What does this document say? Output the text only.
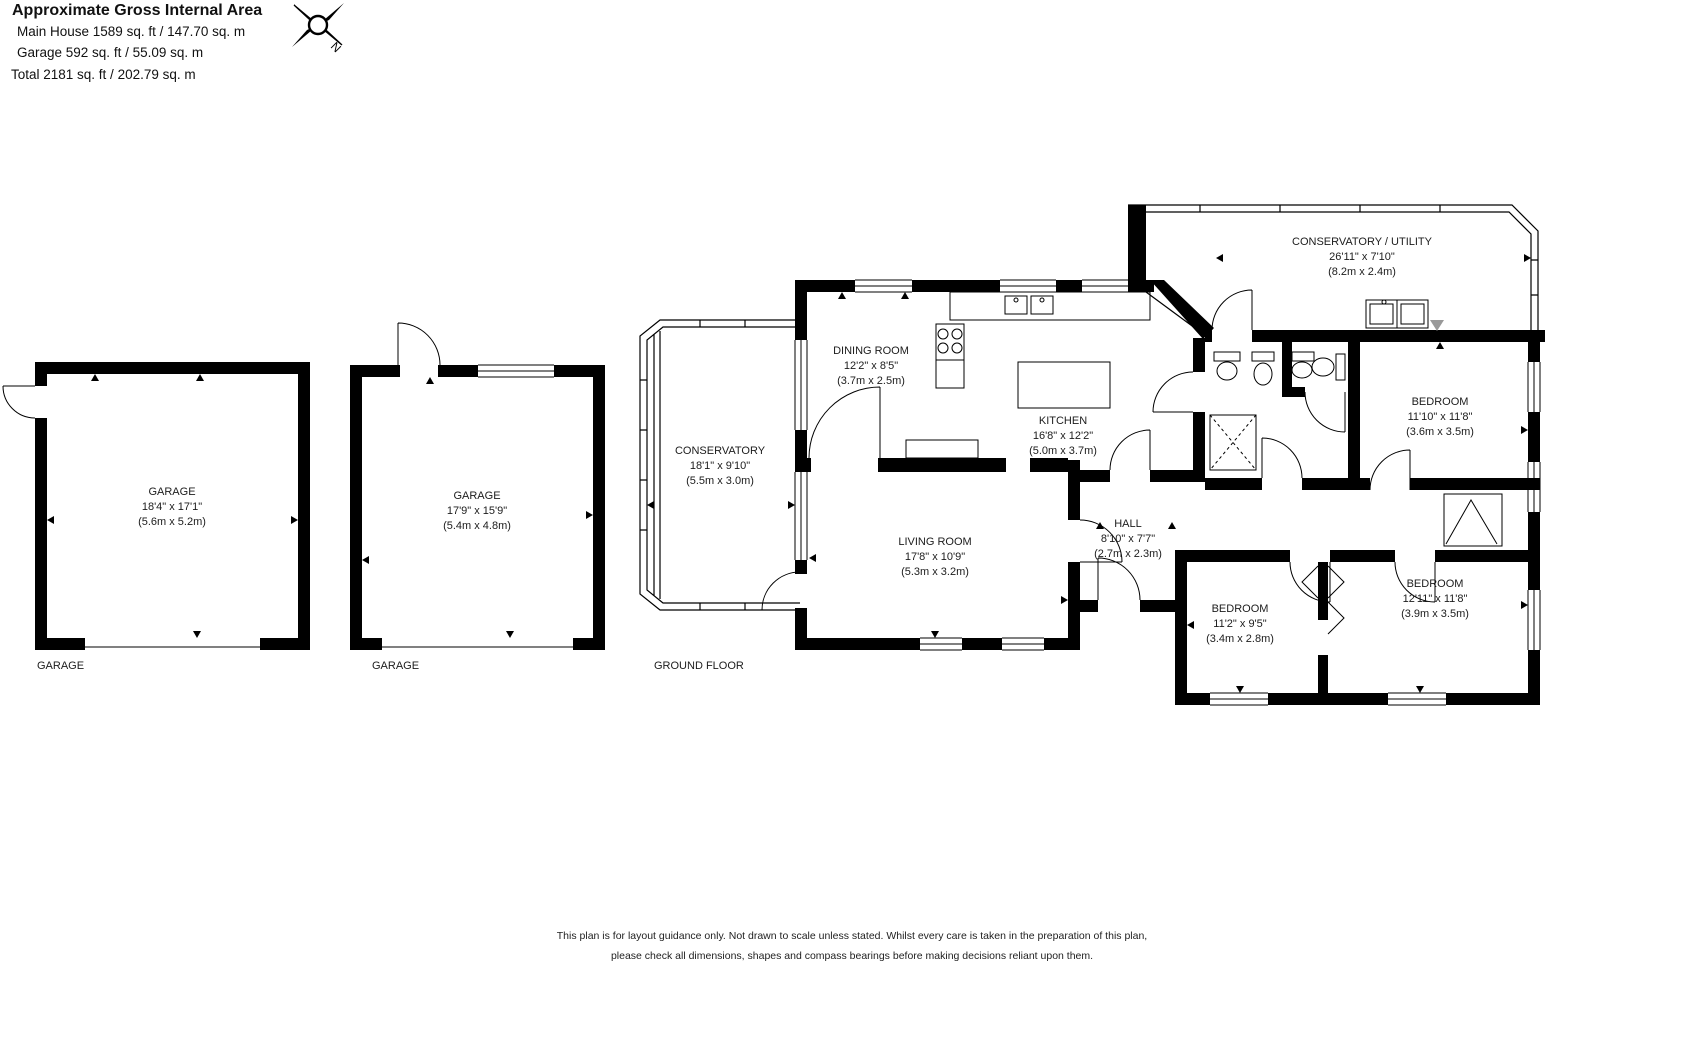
Approximate Gross Internal Area
Main House 1589 sq. ft / 147.70 sq. m
Garage 592 sq. ft / 55.09 sq. m
Total 2181 sq. ft / 202.79 sq. m
N
GARAGE
18'4" x 17'1"
(5.6m x 5.2m)
GARAGE
17'9" x 15'9"
(5.4m x 4.8m)
CONSERVATORY
18'1" x 9'10"
(5.5m x 3.0m)
DINING ROOM
12'2" x 8'5"
(3.7m x 2.5m)
KITCHEN
16'8" x 12'2"
(5.0m x 3.7m)
LIVING ROOM
17'8" x 10'9"
(5.3m x 3.2m)
HALL
8'10" x 7'7"
(2.7m x 2.3m)
CONSERVATORY / UTILITY
26'11" x 7'10"
(8.2m x 2.4m)
BEDROOM
11'10" x 11'8"
(3.6m x 3.5m)
BEDROOM
11'2" x 9'5"
(3.4m x 2.8m)
BEDROOM
12'11" x 11'8"
(3.9m x 3.5m)
GARAGE	GARAGE	GROUND FLOOR
This plan is for layout guidance only. Not drawn to scale unless stated. Whilst every care is taken in the preparation of this plan,
please check all dimensions, shapes and compass bearings before making decisions reliant upon them.
